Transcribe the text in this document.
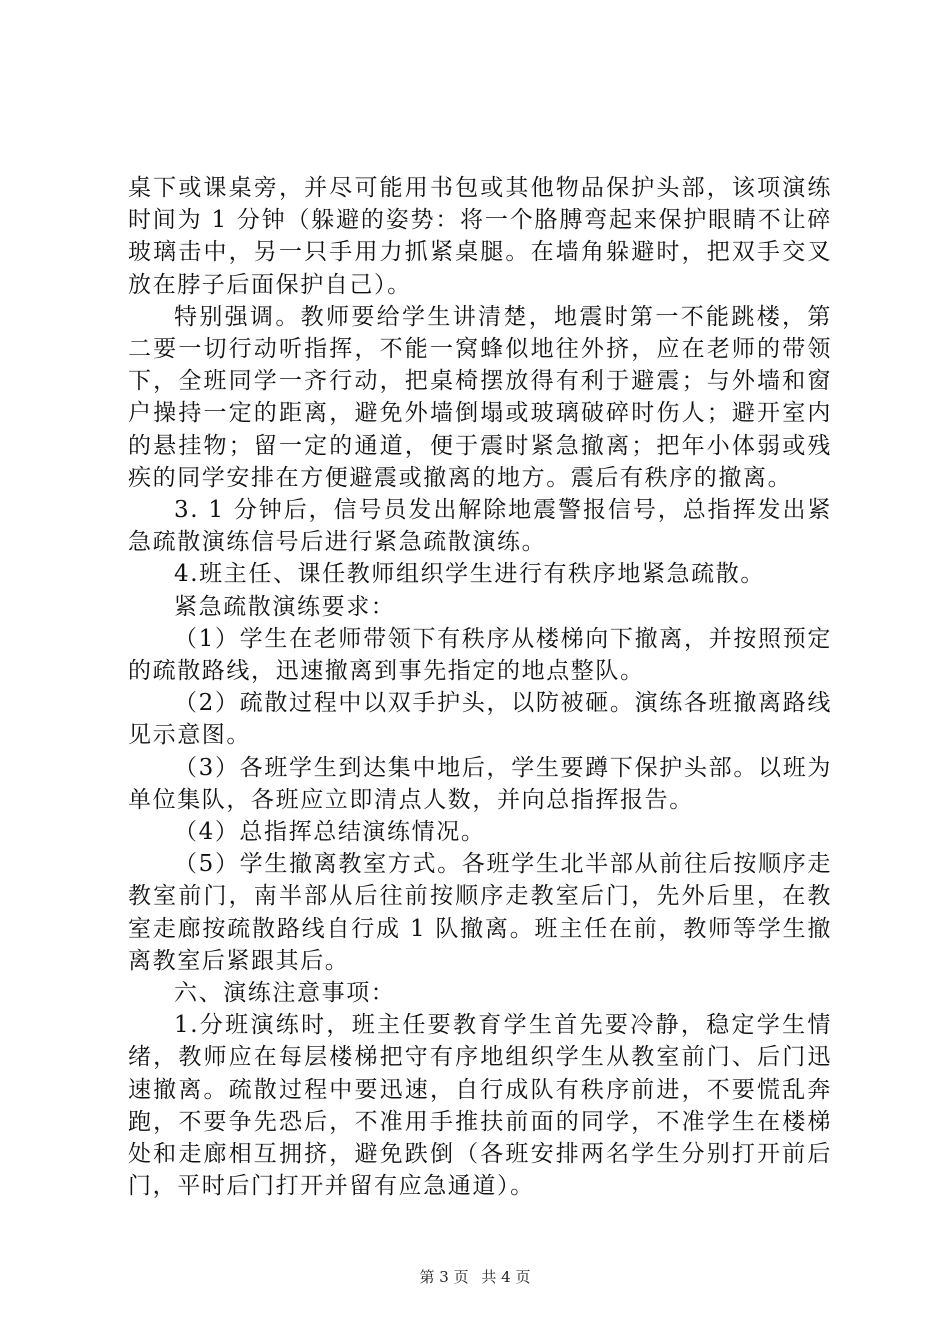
桌下或课桌旁，并尽可能用书包或其他物品保护头部，该项演练时间为 1 分钟（躲避的姿势：将一个胳膊弯起来保护眼睛不让碎玻璃击中，另一只手用力抓紧桌腿。在墙角躲避时，把双手交叉放在脖子后面保护自己）。

特别强调。教师要给学生讲清楚，地震时第一不能跳楼，第二要一切行动听指挥，不能一窝蜂似地往外挤，应在老师的带领下，全班同学一齐行动，把桌椅摆放得有利于避震；与外墙和窗户操持一定的距离，避免外墙倒塌或玻璃破碎时伤人；避开室内的悬挂物；留一定的通道，便于震时紧急撤离；把年小体弱或残疾的同学安排在方便避震或撤离的地方。震后有秩序的撤离。

3. 1 分钟后，信号员发出解除地震警报信号，总指挥发出紧急疏散演练信号后进行紧急疏散演练。

4.班主任、课任教师组织学生进行有秩序地紧急疏散。

紧急疏散演练要求：

（1）学生在老师带领下有秩序从楼梯向下撤离，并按照预定的疏散路线，迅速撤离到事先指定的地点整队。

（2）疏散过程中以双手护头，以防被砸。演练各班撤离路线见示意图。

（3）各班学生到达集中地后，学生要蹲下保护头部。以班为单位集队，各班应立即清点人数，并向总指挥报告。

（4）总指挥总结演练情况。

（5）学生撤离教室方式。各班学生北半部从前往后按顺序走教室前门，南半部从后往前按顺序走教室后门，先外后里，在教室走廊按疏散路线自行成 1 队撤离。班主任在前，教师等学生撤离教室后紧跟其后。

六、演练注意事项：

1.分班演练时，班主任要教育学生首先要冷静，稳定学生情绪，教师应在每层楼梯把守有序地组织学生从教室前门、后门迅速撤离。疏散过程中要迅速，自行成队有秩序前进，不要慌乱奔跑，不要争先恐后，不准用手推扶前面的同学，不准学生在楼梯处和走廊相互拥挤，避免跌倒（各班安排两名学生分别打开前后门，平时后门打开并留有应急通道）。

第 3 页 共 4 页
